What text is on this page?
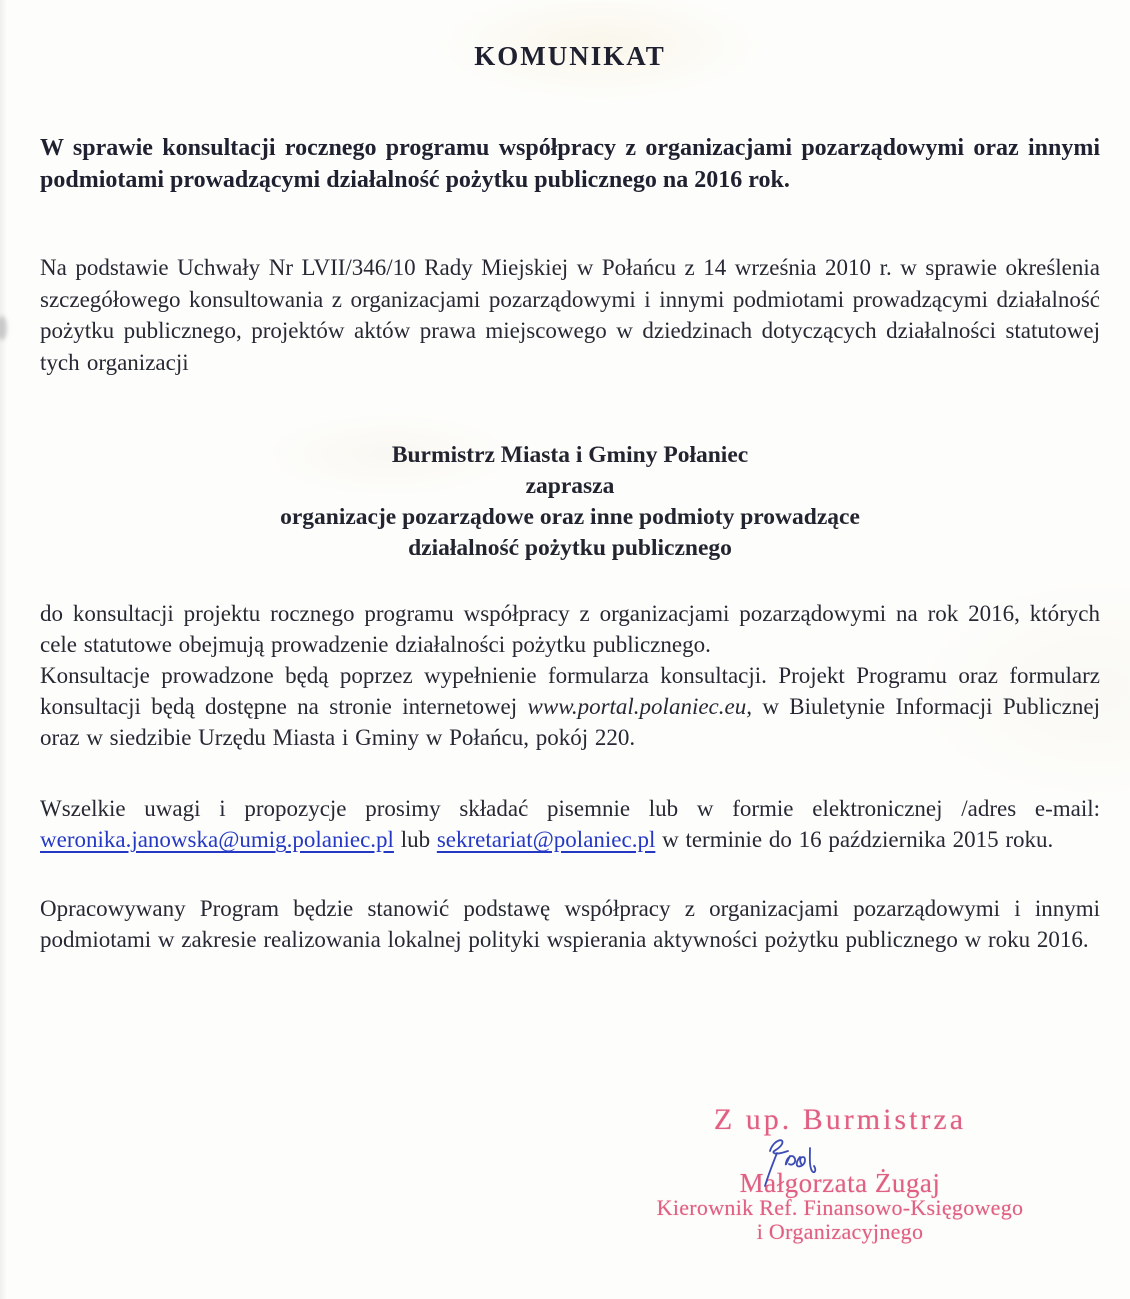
KOMUNIKAT

W sprawie konsultacji rocznego programu współpracy z organizacjami pozarządowymi oraz innymi podmiotami prowadzącymi działalność pożytku publicznego na 2016 rok.

Na podstawie Uchwały Nr LVII/346/10 Rady Miejskiej w Połańcu z 14 września 2010 r. w sprawie określenia szczegółowego konsultowania z organizacjami pozarządowymi i innymi podmiotami prowadzącymi działalność pożytku publicznego, projektów aktów prawa miejscowego w dziedzinach dotyczących działalności statutowej tych organizacji

Burmistrz Miasta i Gminy Połaniec
zaprasza
organizacje pozarządowe oraz inne podmioty prowadzące
działalność pożytku publicznego

do konsultacji projektu rocznego programu współpracy z organizacjami pozarządowymi na rok 2016, których cele statutowe obejmują prowadzenie działalności pożytku publicznego.

Konsultacje prowadzone będą poprzez wypełnienie formularza konsultacji. Projekt Programu oraz formularz konsultacji będą dostępne na stronie internetowej www.portal.polaniec.eu, w Biuletynie Informacji Publicznej oraz w siedzibie Urzędu Miasta i Gminy w Połańcu, pokój 220.

Wszelkie uwagi i propozycje prosimy składać pisemnie lub w formie elektronicznej /adres e-mail: weronika.janowska@umig.polaniec.pl lub sekretariat@polaniec.pl w terminie do 16 października 2015 roku.

Opracowywany Program będzie stanowić podstawę współpracy z organizacjami pozarządowymi i innymi podmiotami w zakresie realizowania lokalnej polityki wspierania aktywności pożytku publicznego w roku 2016.

Z up. Burmistrza
Małgorzata Żugaj
Kierownik Ref. Finansowo-Księgowego
i Organizacyjnego
